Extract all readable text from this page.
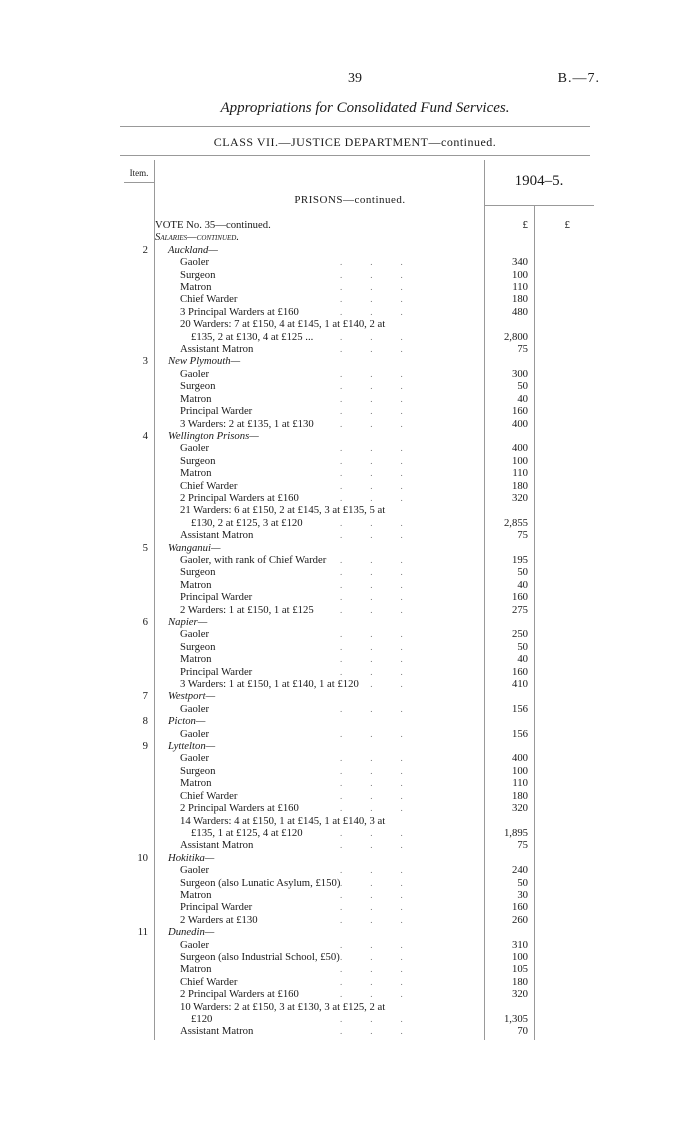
39	B.—7.
Appropriations for Consolidated Fund Services.
CLASS VII.—JUSTICE DEPARTMENT—continued.
Item.	1904–5.
PRISONS—continued.
£	£
VOTE No. 35—continued.
Salaries—continued.
2 Auckland—
Gaoler	...	340
Surgeon	...	100
Matron	...	110
Chief Warder	...	180
3 Principal Warders at £160	...	480
20 Warders: 7 at £150, 4 at £145, 1 at £140, 2 at
£135, 2 at £130, 4 at £125 ...	...	2,800
Assistant Matron	...	75
3 New Plymouth—
Gaoler	...	300
Surgeon	...	50
Matron	...	40
Principal Warder	...	160
3 Warders: 2 at £135, 1 at £130	...	400
4 Wellington Prisons—
Gaoler	...	400
Surgeon	...	100
Matron	...	110
Chief Warder	...	180
2 Principal Warders at £160	...	320
21 Warders: 6 at £150, 2 at £145, 3 at £135, 5 at
£130, 2 at £125, 3 at £120	...	2,855
Assistant Matron	...	75
5 Wanganui—
Gaoler, with rank of Chief Warder ...	195
Surgeon	...	50
Matron	...	40
Principal Warder	...	160
2 Warders: 1 at £150, 1 at £125	...	275
6 Napier—
Gaoler	...	250
Surgeon	...	50
Matron	...	40
Principal Warder	...	160
3 Warders: 1 at £150, 1 at £140, 1 at £120
...	410
7 Westport—
Gaoler	...	156
8 Picton—
Gaoler	...	156
9 Lyttelton—
Gaoler	...	400
Surgeon	...	100
Matron	...	110
Chief Warder	...	180
2 Principal Warders at £160	...	320
14 Warders: 4 at £150, 1 at £145, 1 at £140, 3 at
£135, 1 at £125, 4 at £120	...	1,895
Assistant Matron	...	75
10 Hokitika—
Gaoler	...	240
Surgeon (also Lunatic Asylum, £150) ...	50
Matron	...	30
Principal Warder	...	160
2 Warders at £130	...	260
11 Dunedin—
Gaoler	...	310
Surgeon (also Industrial School, £50) ...	100
Matron	...	105
Chief Warder	...	180
2 Principal Warders at £160	...	320
10 Warders: 2 at £150, 3 at £130, 3 at £125, 2 at
£120	...	1,305
Assistant Matron	...	70
